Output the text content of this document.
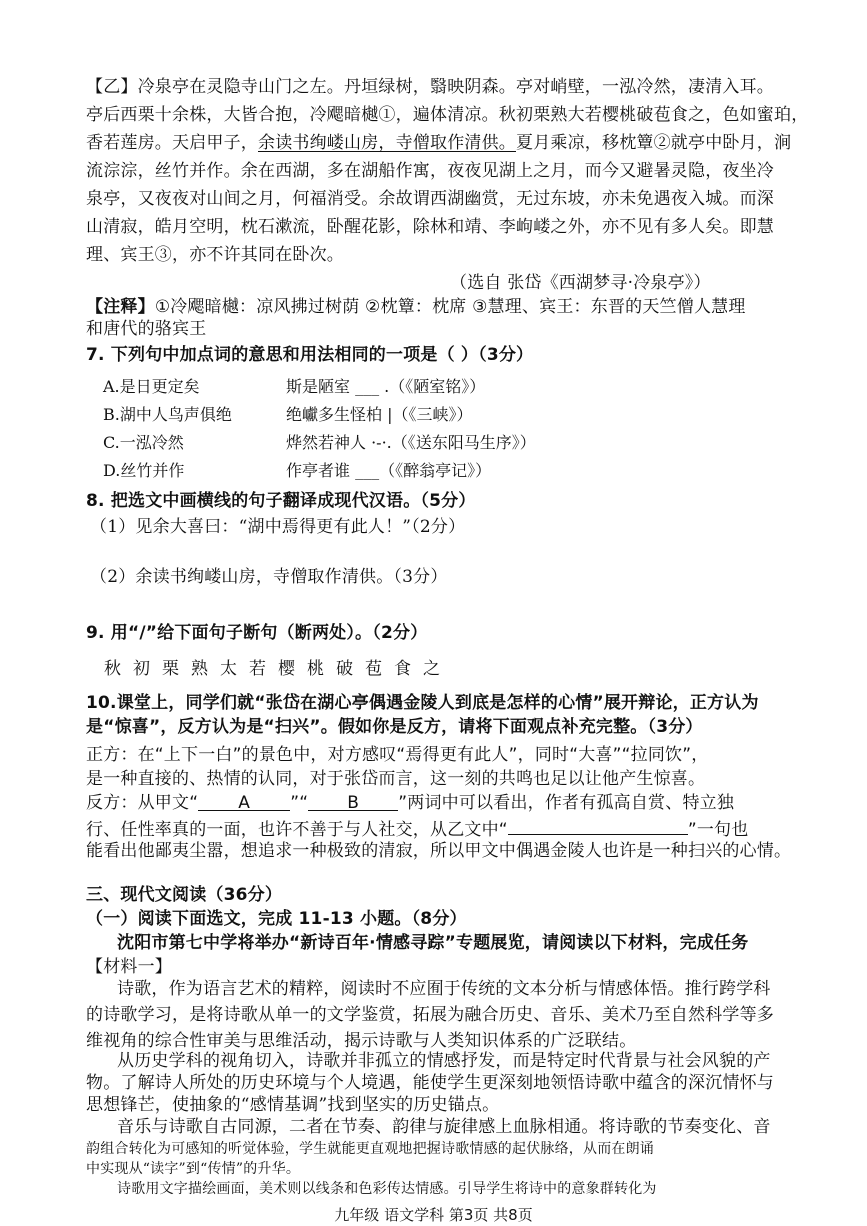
【乙】冷泉亭在灵隐寺山门之左。丹垣绿树，翳映阴森。亭对峭壁，一泓冷然，凄清入耳。
亭后西栗十余株，大皆合抱，冷飔暗樾①，遍体清凉。秋初栗熟大若樱桃破苞食之，色如蜜珀，
香若莲房。天启甲子，余读书绚嵝山房，寺僧取作清供。夏月乘凉，移枕簟②就亭中卧月，涧
流淙淙，丝竹并作。余在西湖，多在湖船作寓，夜夜见湖上之月，而今又避暑灵隐，夜坐冷
泉亭，又夜夜对山间之月，何福消受。余故谓西湖幽赏，无过东坡，亦未免遇夜入城。而深
山清寂，皓月空明，枕石漱流，卧醒花影，除林和靖、李岣嵝之外，亦不见有多人矣。即慧
理、宾王③，亦不许其同在卧次。
（选自 张岱《西湖梦寻·冷泉亭》）
【注释】①冷飔暗樾：凉风拂过树荫 ②枕簟：枕席 ③慧理、宾王：东晋的天竺僧人慧理
和唐代的骆宾王
7. 下列句中加点词的意思和用法相同的一项是（ ）（3分）
A.是日更定矣	斯是陋室 ___ .（《陋室铭》）
B.湖中人鸟声俱绝	绝巘多生怪柏 |（《三峡》）
C.一泓冷然	烨然若神人 ·-·.（《送东阳马生序》）
D.丝竹并作	作亭者谁 ___（《醉翁亭记》）
8. 把选文中画横线的句子翻译成现代汉语。（5分）
（1）见余大喜曰：“湖中焉得更有此人！”（2分）
（2）余读书绚嵝山房，寺僧取作清供。（3分）
9. 用“/”给下面句子断句（断两处）。（2分）
秋初栗熟太若樱桃破苞食之
10.课堂上，同学们就“张岱在湖心亭偶遇金陵人到底是怎样的心情”展开辩论，正方认为
是“惊喜”，反方认为是“扫兴”。假如你是反方，请将下面观点补充完整。（3分）
正方：在“上下一白”的景色中，对方感叹“焉得更有此人”，同时“大喜”“拉同饮”，
是一种直接的、热情的认同，对于张岱而言，这一刻的共鸣也足以让他产生惊喜。
反方：从甲文“ A ”“ B ”两词中可以看出，作者有孤高自赏、特立独
行、任性率真的一面，也许不善于与人社交，从乙文中“	”一句也
能看出他鄙夷尘嚣，想追求一种极致的清寂，所以甲文中偶遇金陵人也许是一种扫兴的心情。
三、现代文阅读（36分）
（一）阅读下面选文，完成 11-13 小题。（8分）
沈阳市第七中学将举办“新诗百年·情感寻踪”专题展览，请阅读以下材料，完成任务
【材料一】
诗歌，作为语言艺术的精粹，阅读时不应囿于传统的文本分析与情感体悟。推行跨学科
的诗歌学习，是将诗歌从单一的文学鉴赏，拓展为融合历史、音乐、美术乃至自然科学等多
维视角的综合性审美与思维活动，揭示诗歌与人类知识体系的广泛联结。
从历史学科的视角切入，诗歌并非孤立的情感抒发，而是特定时代背景与社会风貌的产
物。了解诗人所处的历史环境与个人境遇，能使学生更深刻地领悟诗歌中蕴含的深沉情怀与
思想锋芒，使抽象的“感情基调”找到坚实的历史锚点。
音乐与诗歌自古同源，二者在节奏、韵律与旋律感上血脉相通。将诗歌的节奏变化、音
九年级 语文学科 第3页 共8页
韵组合转化为可感知的听觉体验，学生就能更直观地把握诗歌情感的起伏脉络，从而在朗诵
中实现从“读字”到“传情”的升华。
诗歌用文字描绘画面，美术则以线条和色彩传达情感。引导学生将诗中的意象群转化为
